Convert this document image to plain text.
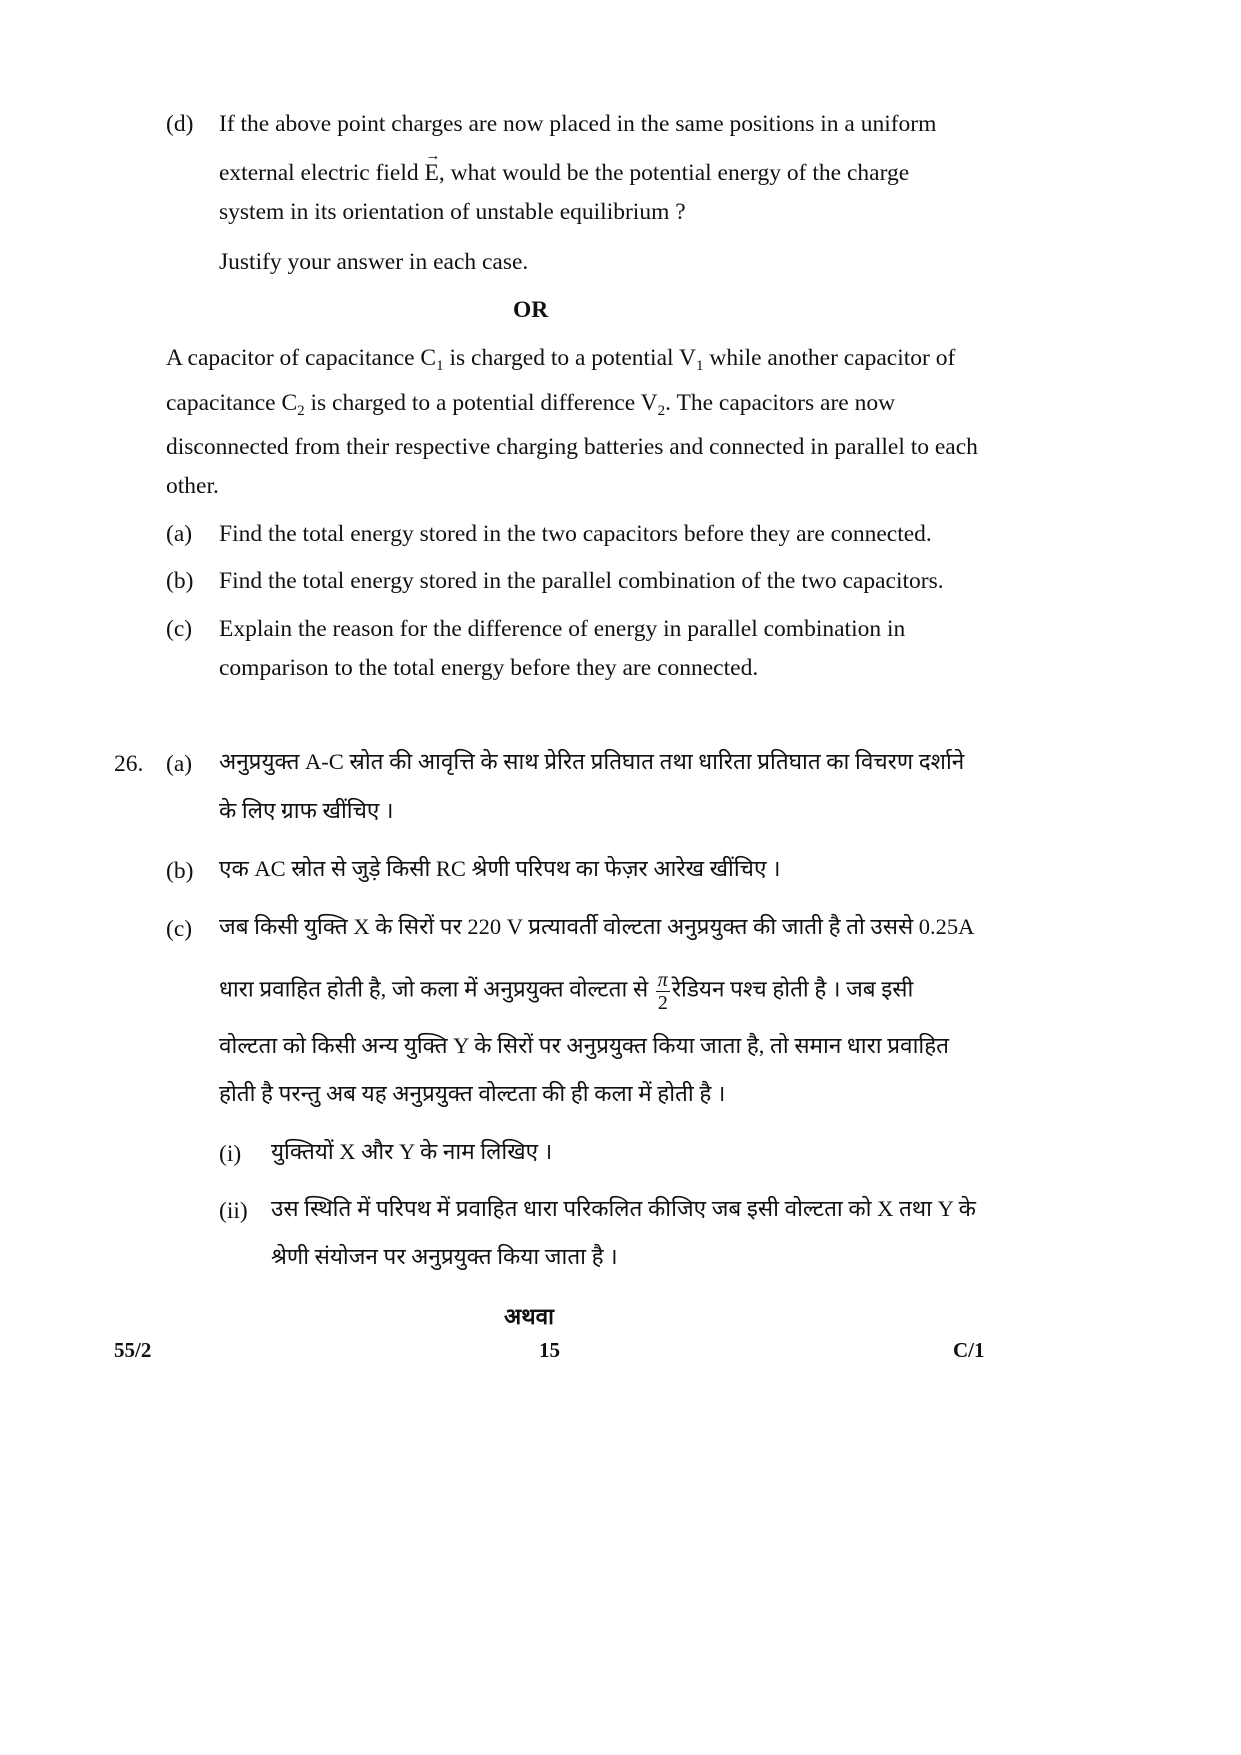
(d) If the above point charges are now placed in the same positions in a uniform
external electric field
→
E, what would be the potential energy of the charge
system in its orientation of unstable equilibrium ?
Justify your answer in each case.
OR
A capacitor of capacitance $C_1$ is charged to a potential $V_1$ while another capacitor of
capacitance $C_2$ is charged to a potential difference $V_2$. The capacitors are now
disconnected from their respective charging batteries and connected in parallel to each
other.
(a) Find the total energy stored in the two capacitors before they are connected.
(b) Find the total energy stored in the parallel combination of the two capacitors.
(c) Explain the reason for the difference of energy in parallel combination in
comparison to the total energy before they are connected.
26. (a) अनुप्रयुक्त A-C स्रोत की आवृत्ति के साथ प्रेरित प्रतिघात तथा धारिता प्रतिघात का विचरण दर्शाने
के लिए ग्राफ खींचिए ।
(b) एक AC स्रोत से जुड़े किसी RC श्रेणी परिपथ का फेज़र आरेख खींचिए ।
(c) जब किसी युक्ति X के सिरों पर 220 V प्रत्यावर्ती वोल्टता अनुप्रयुक्त की जाती है तो उससे 0.25A
धारा प्रवाहित होती है, जो कला में अनुप्रयुक्त वोल्टता से $\frac{\pi}{2}$ रेडियन पश्च होती है । जब इसी
वोल्टता को किसी अन्य युक्ति Y के सिरों पर अनुप्रयुक्त किया जाता है, तो समान धारा प्रवाहित
होती है परन्तु अब यह अनुप्रयुक्त वोल्टता की ही कला में होती है ।
(i) युक्तियों X और Y के नाम लिखिए ।
(ii) उस स्थिति में परिपथ में प्रवाहित धारा परिकलित कीजिए जब इसी वोल्टता को X तथा Y के
श्रेणी संयोजन पर अनुप्रयुक्त किया जाता है ।
अथवा
55/2	15	C/1
